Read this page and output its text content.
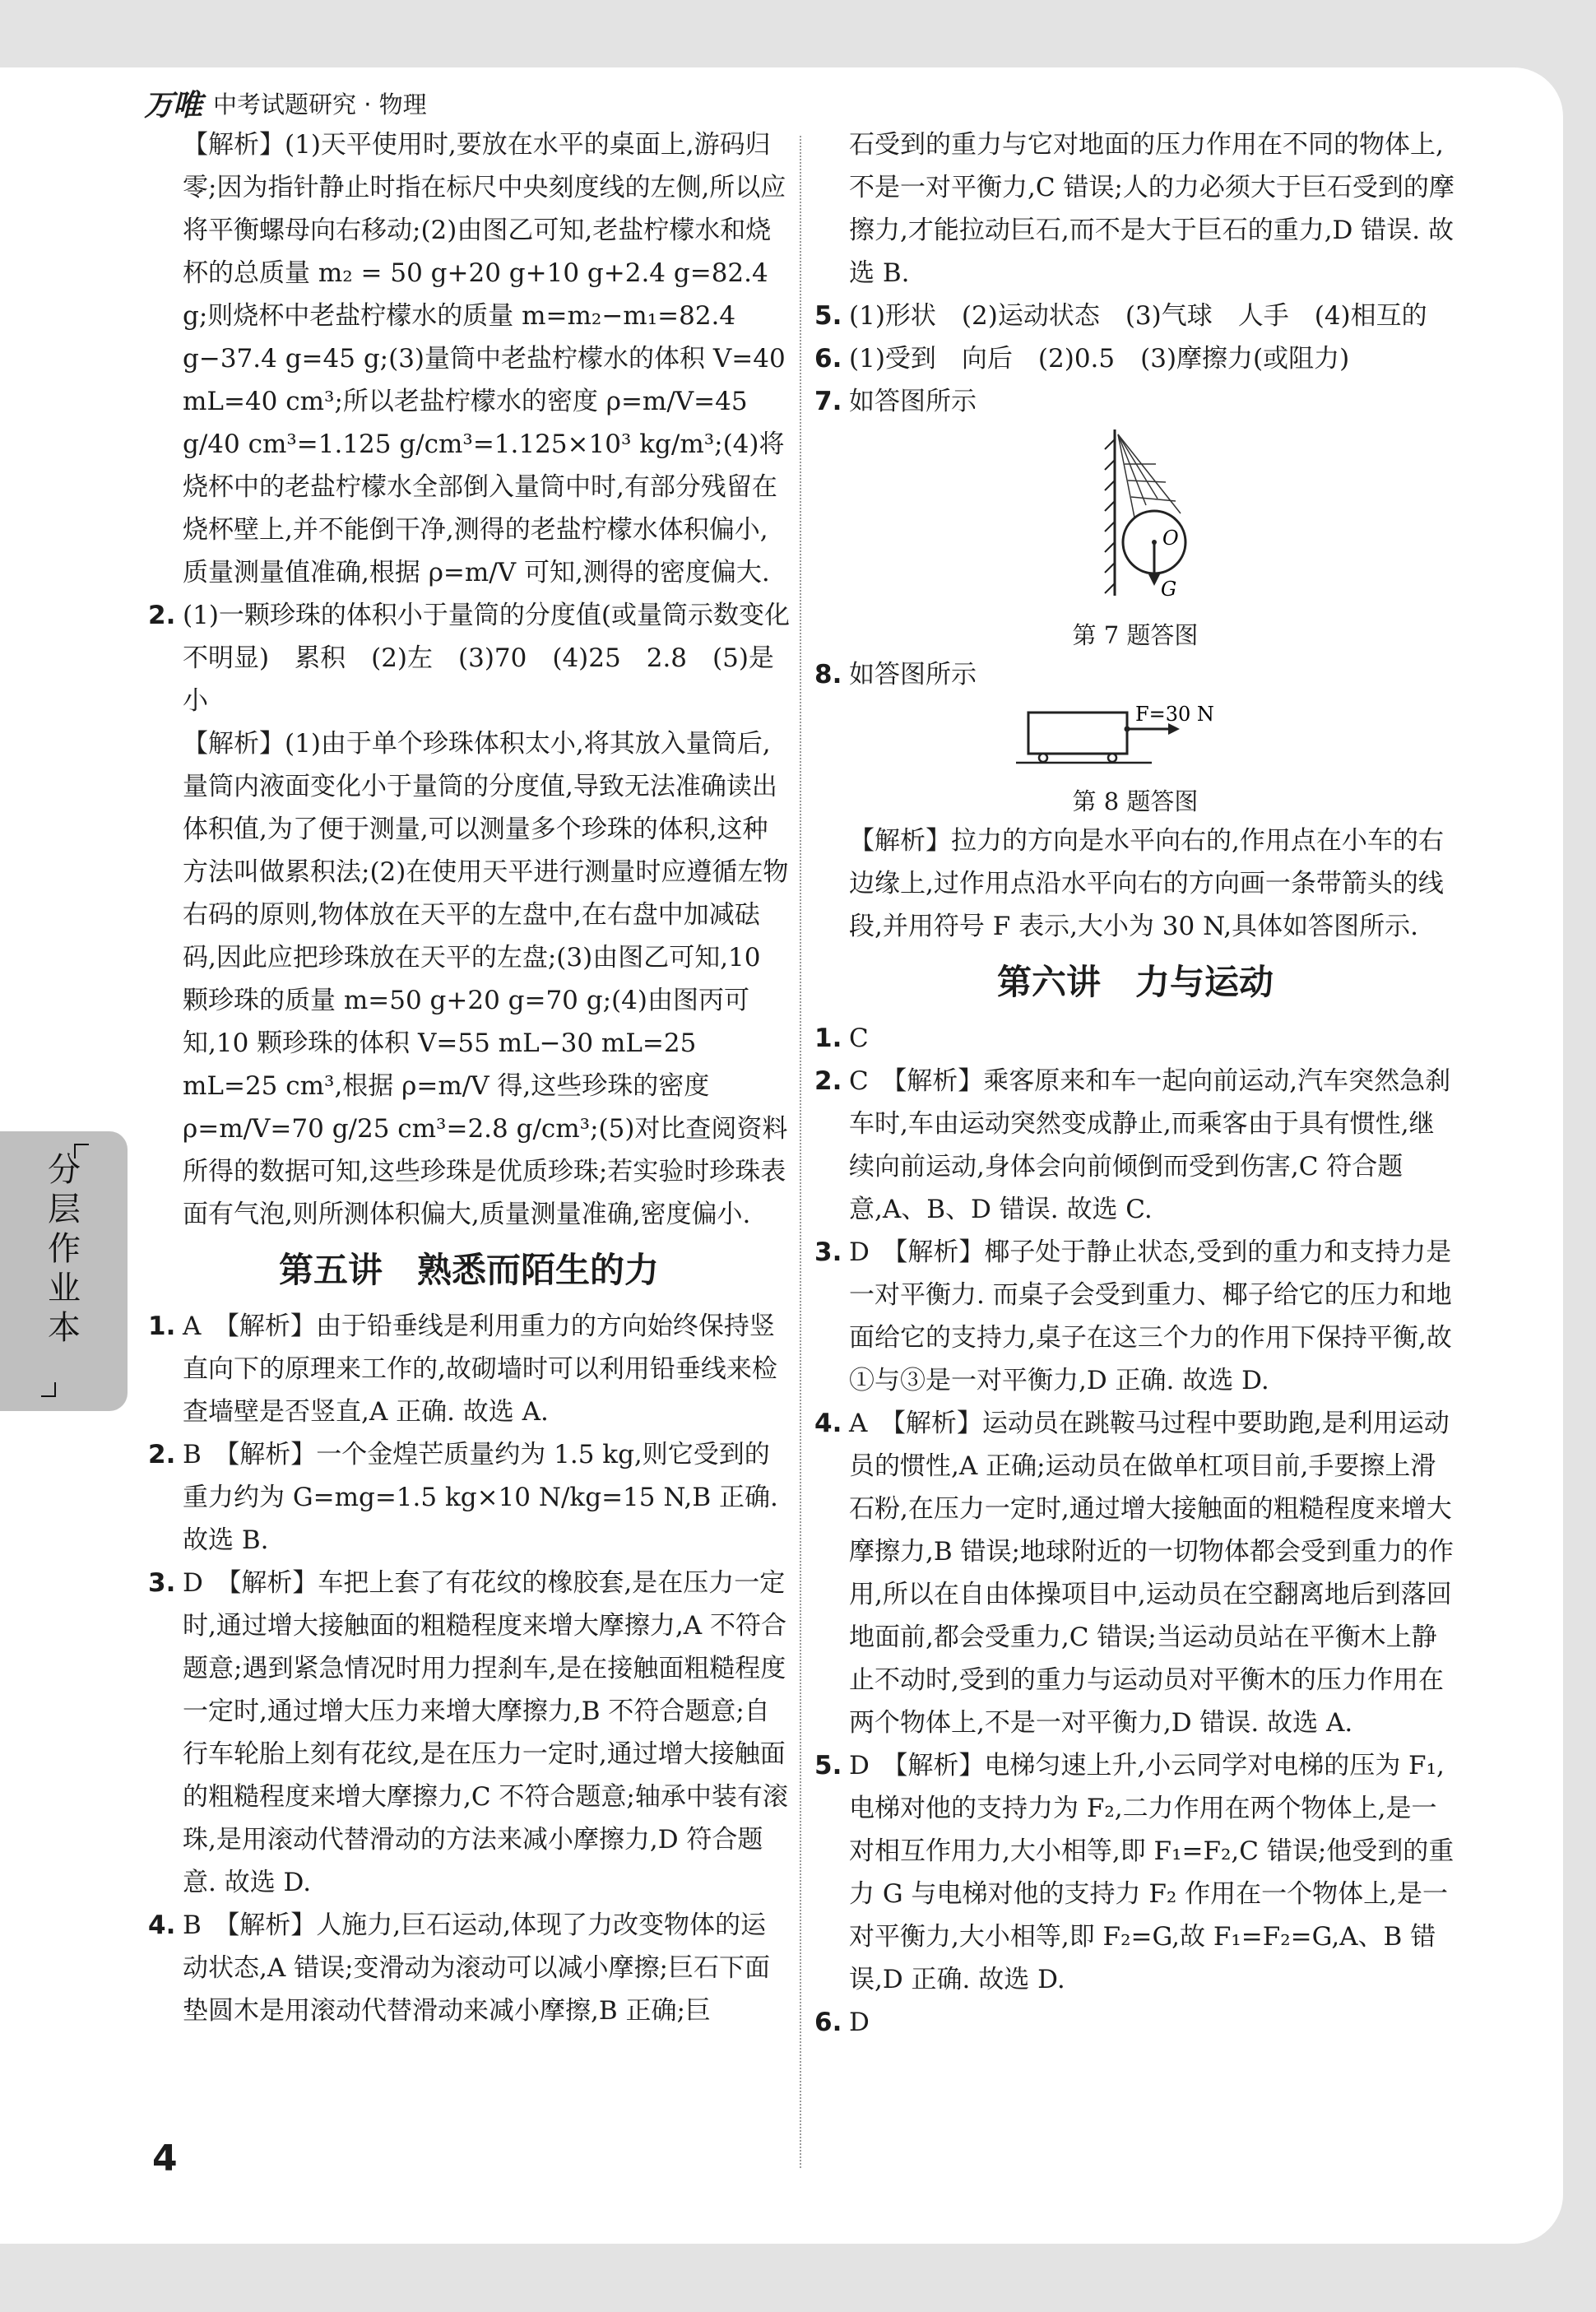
万唯 中考试题研究 · 物理

【解析】(1)天平使用时,要放在水平的桌面上,游码归零;因为指针静止时指在标尺中央刻度线的左侧,所以应将平衡螺母向右移动;(2)由图乙可知,老盐柠檬水和烧杯的总质量 m₂ = 50 g+20 g+10 g+2.4 g=82.4 g;则烧杯中老盐柠檬水的质量 m=m₂−m₁=82.4 g−37.4 g=45 g;(3)量筒中老盐柠檬水的体积 V=40 mL=40 cm³;所以老盐柠檬水的密度 ρ=m/V=45 g/40 cm³=1.125 g/cm³=1.125×10³ kg/m³;(4)将烧杯中的老盐柠檬水全部倒入量筒中时,有部分残留在烧杯壁上,并不能倒干净,测得的老盐柠檬水体积偏小,质量测量值准确,根据 ρ=m/V 可知,测得的密度偏大.

2. (1)一颗珍珠的体积小于量筒的分度值(或量筒示数变化不明显)　累积　(2)左　(3)70　(4)25　2.8　(5)是　小

【解析】(1)由于单个珍珠体积太小,将其放入量筒后,量筒内液面变化小于量筒的分度值,导致无法准确读出体积值,为了便于测量,可以测量多个珍珠的体积,这种方法叫做累积法;(2)在使用天平进行测量时应遵循左物右码的原则,物体放在天平的左盘中,在右盘中加减砝码,因此应把珍珠放在天平的左盘;(3)由图乙可知,10 颗珍珠的质量 m=50 g+20 g=70 g;(4)由图丙可知,10 颗珍珠的体积 V=55 mL−30 mL=25 mL=25 cm³,根据 ρ=m/V 得,这些珍珠的密度 ρ=m/V=70 g/25 cm³=2.8 g/cm³;(5)对比查阅资料所得的数据可知,这些珍珠是优质珍珠;若实验时珍珠表面有气泡,则所测体积偏大,质量测量准确,密度偏小.

第五讲　熟悉而陌生的力
1. A　【解析】由于铅垂线是利用重力的方向始终保持竖直向下的原理来工作的,故砌墙时可以利用铅垂线来检查墙壁是否竖直,A 正确. 故选 A.
2. B　【解析】一个金煌芒质量约为 1.5 kg,则它受到的重力约为 G=mg=1.5 kg×10 N/kg=15 N,B 正确. 故选 B.
3. D　【解析】车把上套了有花纹的橡胶套,是在压力一定时,通过增大接触面的粗糙程度来增大摩擦力,A 不符合题意;遇到紧急情况时用力捏刹车,是在接触面粗糙程度一定时,通过增大压力来增大摩擦力,B 不符合题意;自行车轮胎上刻有花纹,是在压力一定时,通过增大接触面的粗糙程度来增大摩擦力,C 不符合题意;轴承中装有滚珠,是用滚动代替滑动的方法来减小摩擦力,D 符合题意. 故选 D.
4. B　【解析】人施力,巨石运动,体现了力改变物体的运动状态,A 错误;变滑动为滚动可以减小摩擦;巨石下面垫圆木是用滚动代替滑动来减小摩擦,B 正确;巨

石受到的重力与它对地面的压力作用在不同的物体上,不是一对平衡力,C 错误;人的力必须大于巨石受到的摩擦力,才能拉动巨石,而不是大于巨石的重力,D 错误. 故选 B.

5. (1)形状　(2)运动状态　(3)气球　人手　(4)相互的
6. (1)受到　向后　(2)0.5　(3)摩擦力(或阻力)
7. 如答图所示
O
G
第 7 题答图
8. 如答图所示
F=30 N
第 8 题答图

【解析】拉力的方向是水平向右的,作用点在小车的右边缘上,过作用点沿水平向右的方向画一条带箭头的线段,并用符号 F 表示,大小为 30 N,具体如答图所示.

第六讲　力与运动
1. C
2. C　【解析】乘客原来和车一起向前运动,汽车突然急刹车时,车由运动突然变成静止,而乘客由于具有惯性,继续向前运动,身体会向前倾倒而受到伤害,C 符合题意,A、B、D 错误. 故选 C.
3. D　【解析】椰子处于静止状态,受到的重力和支持力是一对平衡力. 而桌子会受到重力、椰子给它的压力和地面给它的支持力,桌子在这三个力的作用下保持平衡,故①与③是一对平衡力,D 正确. 故选 D.
4. A　【解析】运动员在跳鞍马过程中要助跑,是利用运动员的惯性,A 正确;运动员在做单杠项目前,手要擦上滑石粉,在压力一定时,通过增大接触面的粗糙程度来增大摩擦力,B 错误;地球附近的一切物体都会受到重力的作用,所以在自由体操项目中,运动员在空翻离地后到落回地面前,都会受重力,C 错误;当运动员站在平衡木上静止不动时,受到的重力与运动员对平衡木的压力作用在两个物体上,不是一对平衡力,D 错误. 故选 A.
5. D　【解析】电梯匀速上升,小云同学对电梯的压为 F₁,电梯对他的支持力为 F₂,二力作用在两个物体上,是一对相互作用力,大小相等,即 F₁=F₂,C 错误;他受到的重力 G 与电梯对他的支持力 F₂ 作用在一个物体上,是一对平衡力,大小相等,即 F₂=G,故 F₁=F₂=G,A、B 错误,D 正确. 故选 D.
6. D
分层作业本
4
